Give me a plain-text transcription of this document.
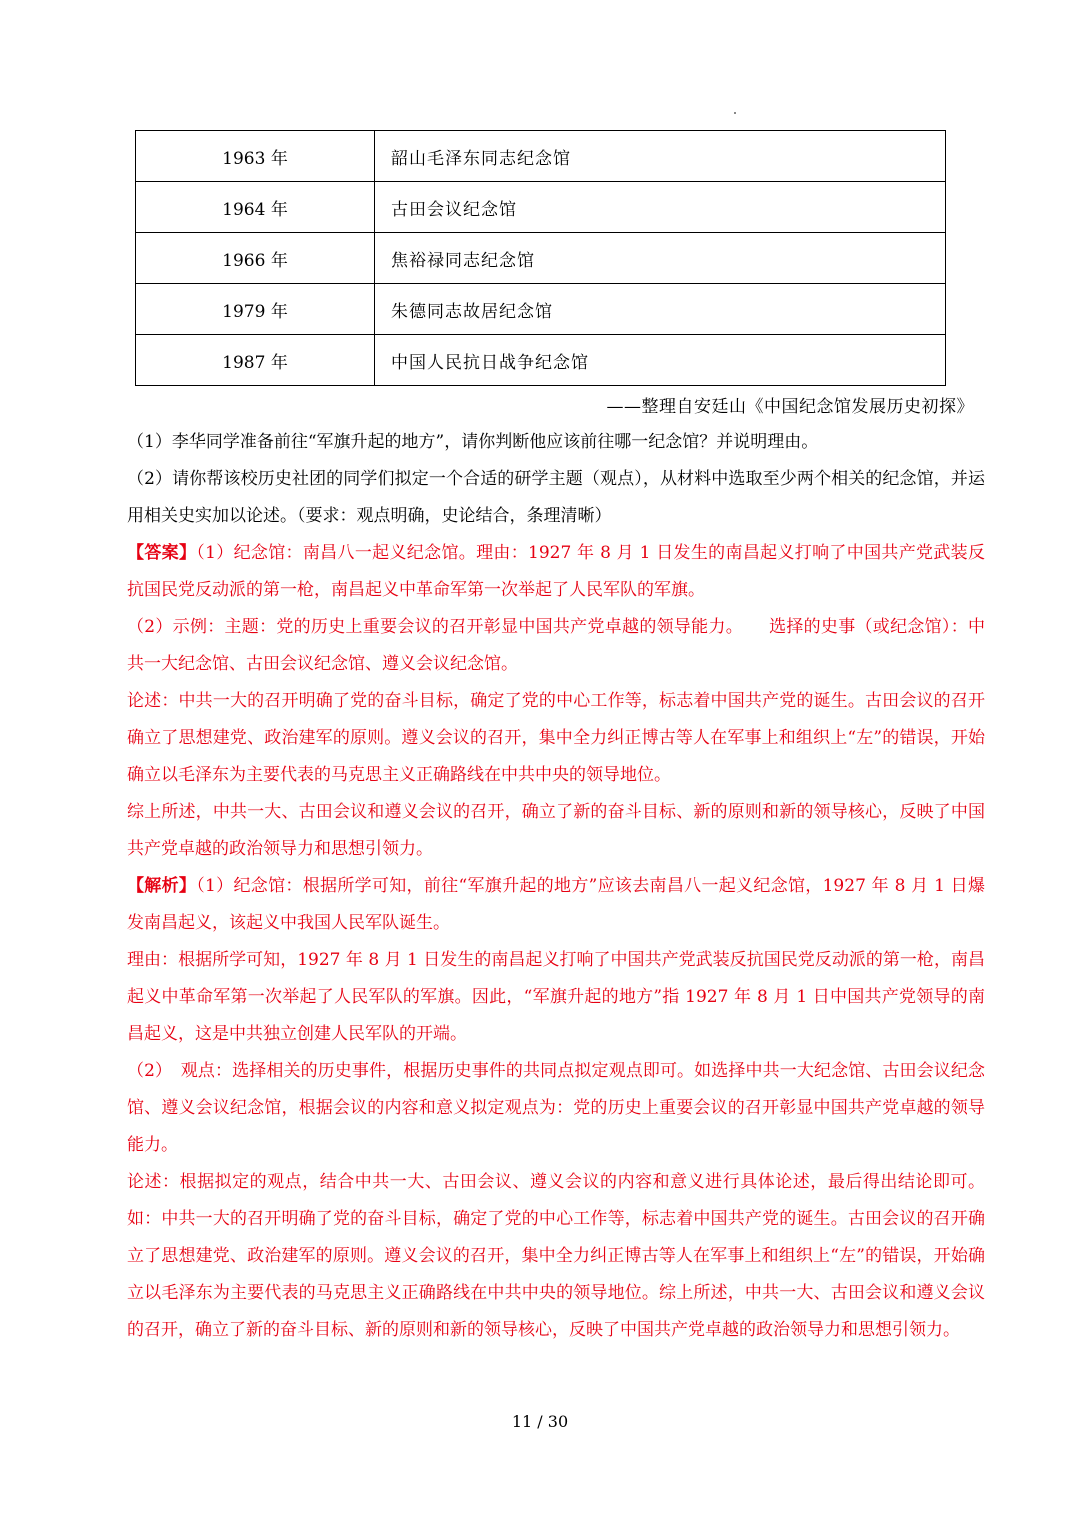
1963 年	韶山毛泽东同志纪念馆
1964 年	古田会议纪念馆
1966 年	焦裕禄同志纪念馆
1979 年	朱德同志故居纪念馆
1987 年	中国人民抗日战争纪念馆
——整理自安廷山《中国纪念馆发展历史初探》

（1）李华同学准备前往“军旗升起的地方”，请你判断他应该前往哪一纪念馆？并说明理由。

（2）请你帮该校历史社团的同学们拟定一个合适的研学主题（观点），从材料中选取至少两个相关的纪念馆，并运用相关史实加以论述。（要求：观点明确，史论结合，条理清晰）

【答案】（1）纪念馆：南昌八一起义纪念馆。理由：1927 年 8 月 1 日发生的南昌起义打响了中国共产党武装反抗国民党反动派的第一枪，南昌起义中革命军第一次举起了人民军队的军旗。

（2）示例：主题：党的历史上重要会议的召开彰显中国共产党卓越的领导能力。　　选择的史事（或纪念馆）：中共一大纪念馆、古田会议纪念馆、遵义会议纪念馆。

论述：中共一大的召开明确了党的奋斗目标，确定了党的中心工作等，标志着中国共产党的诞生。古田会议的召开确立了思想建党、政治建军的原则。遵义会议的召开，集中全力纠正博古等人在军事上和组织上“左”的错误，开始确立以毛泽东为主要代表的马克思主义正确路线在中共中央的领导地位。

综上所述，中共一大、古田会议和遵义会议的召开，确立了新的奋斗目标、新的原则和新的领导核心，反映了中国共产党卓越的政治领导力和思想引领力。

【解析】（1）纪念馆：根据所学可知，前往“军旗升起的地方”应该去南昌八一起义纪念馆，1927 年 8 月 1 日爆发南昌起义，该起义中我国人民军队诞生。

理由：根据所学可知，1927 年 8 月 1 日发生的南昌起义打响了中国共产党武装反抗国民党反动派的第一枪，南昌起义中革命军第一次举起了人民军队的军旗。因此，“军旗升起的地方”指 1927 年 8 月 1 日中国共产党领导的南昌起义，这是中共独立创建人民军队的开端。

（2）　观点：选择相关的历史事件，根据历史事件的共同点拟定观点即可。如选择中共一大纪念馆、古田会议纪念馆、遵义会议纪念馆，根据会议的内容和意义拟定观点为：党的历史上重要会议的召开彰显中国共产党卓越的领导能力。

论述：根据拟定的观点，结合中共一大、古田会议、遵义会议的内容和意义进行具体论述，最后得出结论即可。如：中共一大的召开明确了党的奋斗目标，确定了党的中心工作等，标志着中国共产党的诞生。古田会议的召开确立了思想建党、政治建军的原则。遵义会议的召开，集中全力纠正博古等人在军事上和组织上“左”的错误，开始确立以毛泽东为主要代表的马克思主义正确路线在中共中央的领导地位。综上所述，中共一大、古田会议和遵义会议的召开，确立了新的奋斗目标、新的原则和新的领导核心，反映了中国共产党卓越的政治领导力和思想引领力。

11 / 30
